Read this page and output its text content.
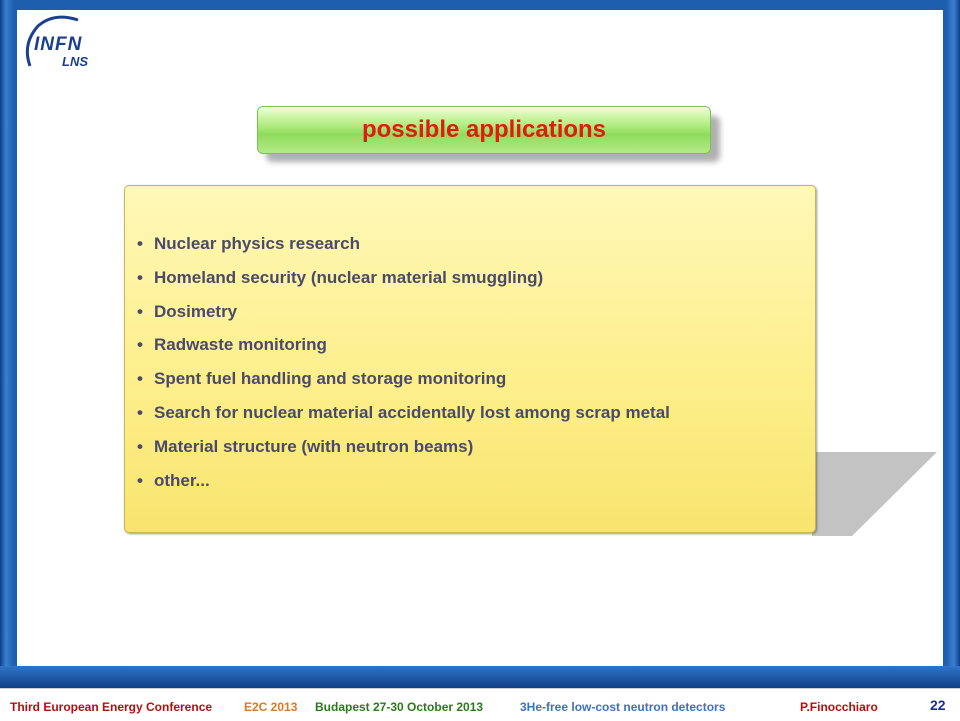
INFN
LNS
possible applications
• Nuclear physics research
• Homeland security (nuclear material smuggling)
• Dosimetry
• Radwaste monitoring
• Spent fuel handling and storage monitoring
• Search for nuclear material accidentally lost among scrap metal
• Material structure (with neutron beams)
• other...
Third European Energy Conference	E2C 2013 Budapest 27-30 October 2013	3He-free low-cost neutron detectors	P.Finocchiaro	22
